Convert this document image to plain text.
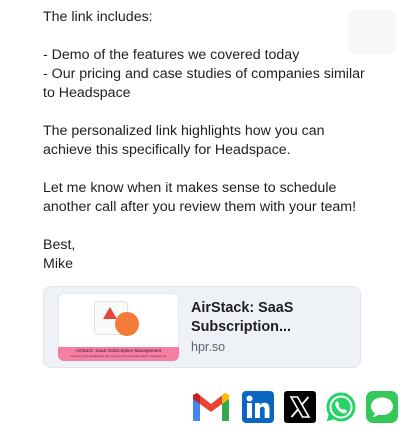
The link includes:

- Demo of the features we covered today

- Our pricing and case studies of companies similar

to Headspace

The personalized link highlights how you can

achieve this specifically for Headspace.

Let me know when it makes sense to schedule

another call after you review them with your team!

Best,

Mike

AirStack: SaaS Subscription Management
discover how Headspace can cut spend & automate SaaS management
AirStack: SaaS
Subscription...
hpr.so
